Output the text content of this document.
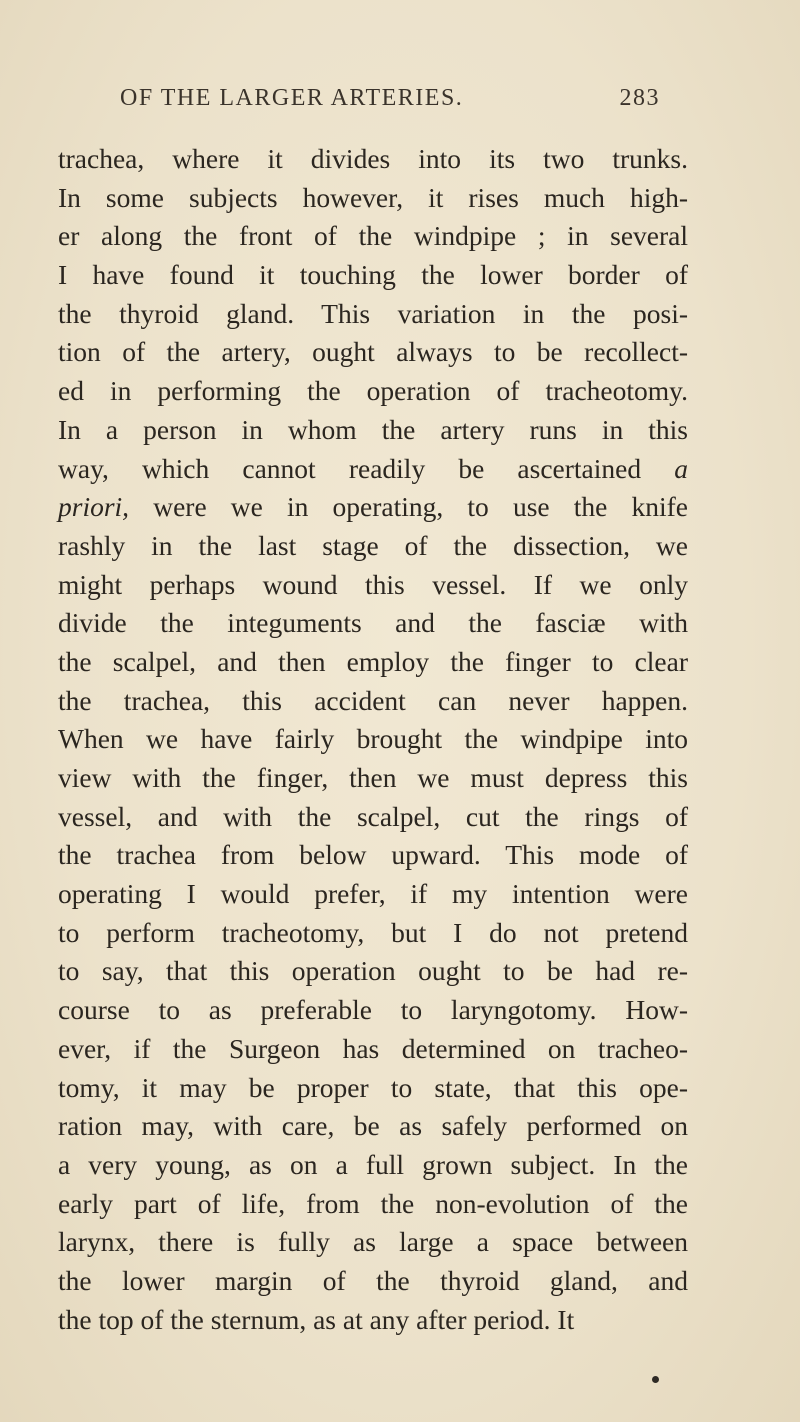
OF THE LARGER ARTERIES.	283
trachea, where it divides into its two trunks.
In some subjects however, it rises much high-
er along the front of the windpipe ; in several
I have found it touching the lower border of
the thyroid gland. This variation in the posi-
tion of the artery, ought always to be recollect-
ed in performing the operation of tracheotomy.
In a person in whom the artery runs in this
way, which cannot readily be ascertained a
priori, were we in operating, to use the knife
rashly in the last stage of the dissection, we
might perhaps wound this vessel. If we only
divide the integuments and the fasciæ with
the scalpel, and then employ the finger to clear
the trachea, this accident can never happen.
When we have fairly brought the windpipe into
view with the finger, then we must depress this
vessel, and with the scalpel, cut the rings of
the trachea from below upward. This mode of
operating I would prefer, if my intention were
to perform tracheotomy, but I do not pretend
to say, that this operation ought to be had re-
course to as preferable to laryngotomy. How-
ever, if the Surgeon has determined on tracheo-
tomy, it may be proper to state, that this ope-
ration may, with care, be as safely performed on
a very young, as on a full grown subject. In the
early part of life, from the non-evolution of the
larynx, there is fully as large a space between
the lower margin of the thyroid gland, and
the top of the sternum, as at any after period. It
